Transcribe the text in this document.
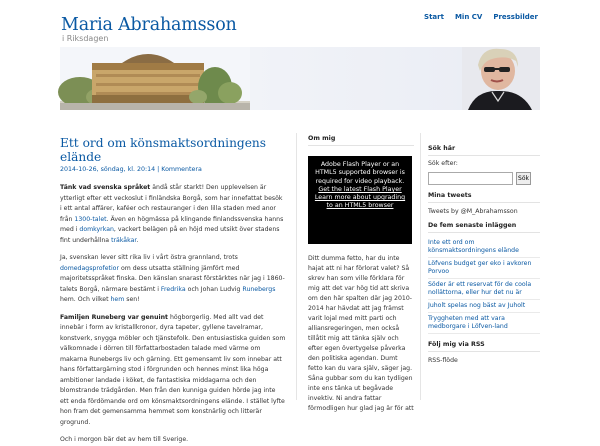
Maria Abrahamsson
i Riksdagen
Start Min CV Pressbilder
Ett ord om könsmaktsordningens elände
2014-10-26, söndag, kl. 20:14 | Kommentera

Tänk vad svenska språket ändå står starkt! Den upplevelsen är ytterligt efter ett veckoslut i finländska Borgå, som har innefattat besök i ett antal affärer, kaféer och restauranger i den lilla staden med anor från 1300-talet. Även en högmässa på klingande finlandssvenska hanns med i domkyrkan, vackert belägen på en höjd med utsikt över stadens fint underhållna träkåkar.

Ja, svenskan lever sitt rika liv i vårt östra grannland, trots domedagsprofetior om dess utsatta ställning jämfört med majoritetsspråket finska. Den känslan snarast förstärktes när jag i 1860-talets Borgå, närmare bestämt i Fredrika och Johan Ludvig Runebergs hem. Och vilket hem sen!

Familjen Runeberg var genuint högborgerlig. Med allt vad det innebär i form av kristallkronor, dyra tapeter, gyllene tavelramar, konstverk, snygga möbler och tjänstefolk. Den entusiastiska guiden som välkomnade i dörren till författarbostaden talade med värme om makarna Runebergs liv och gärning. Ett gemensamt liv som innebar att hans författargärning stod i förgrunden och hennes minst lika höga ambitioner landade i köket, de fantastiska middagarna och den blomstrande trädgården. Men från den kunniga guiden hörde jag inte ett enda fördömande ord om könsmaktsordningens elände. I stället lyfte hon fram det gemensamma hemmet som konstnärlig och litterär grogrund.

Och i morgon bär det av hem till Sverige.

Om mig
Adobe Flash Player or an HTML5 supported browser is required for video playback.
Get the latest Flash Player
Learn more about upgrading to an HTML5 browser
Ditt dumma fetto, har du inte hajat att ni har förlorat valet? Så skrev han som ville förklara för mig att det var hög tid att skriva om den här spalten där jag 2010-2014 har hävdat att jag främst varit lojal med mitt parti och alliansregeringen, men också tillåtit mig att tänka själv och efter egen övertygelse påverka den politiska agendan. Dumt fetto kan du vara själv, säger jag. Såna gubbar som du kan tydligen inte ens tänka ut begåvade invektiv. Ni andra fattar förmodligen hur glad jag är för att
Sök här
Sök efter:
Sök
Mina tweets
Tweets by @M_Abrahamsson
De fem senaste inläggen
Inte ett ord om könsmaktsordningens elände
Löfvens budget ger eko i avkoren Porvoo
Söder är ett reservat för de coola nollättorna, eller hur det nu är
Juholt spelas nog bäst av Juholt
Tryggheten med att vara medborgare i Löfven-land
Följ mig via RSS
RSS-flöde
